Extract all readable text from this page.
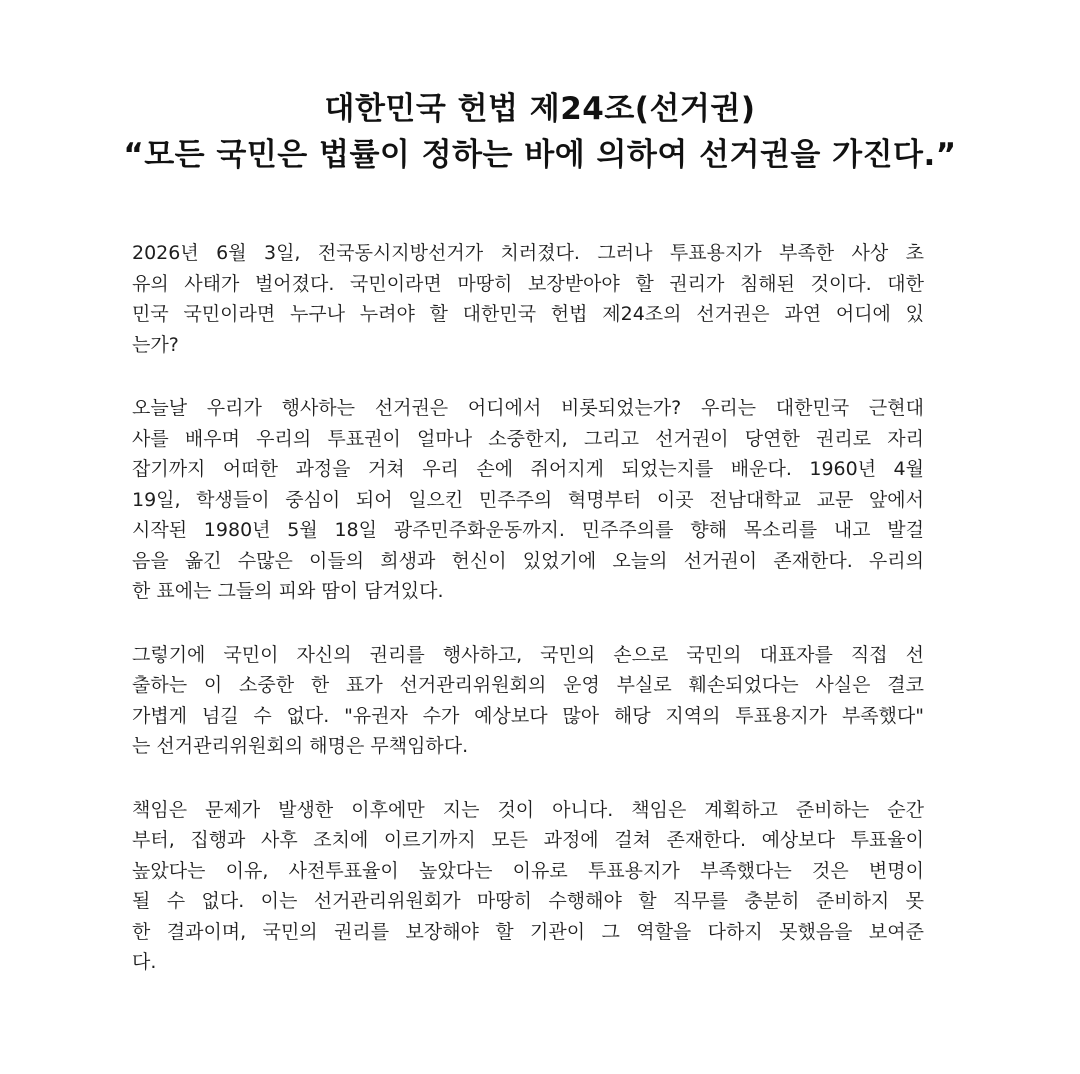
대한민국 헌법 제24조(선거권)
“모든 국민은 법률이 정하는 바에 의하여 선거권을 가진다.”
2026년 6월 3일, 전국동시지방선거가 치러졌다. 그러나 투표용지가 부족한 사상 초
유의 사태가 벌어졌다. 국민이라면 마땅히 보장받아야 할 권리가 침해된 것이다. 대한
민국 국민이라면 누구나 누려야 할 대한민국 헌법 제24조의 선거권은 과연 어디에 있
는가?
오늘날 우리가 행사하는 선거권은 어디에서 비롯되었는가? 우리는 대한민국 근현대
사를 배우며 우리의 투표권이 얼마나 소중한지, 그리고 선거권이 당연한 권리로 자리
잡기까지 어떠한 과정을 거쳐 우리 손에 쥐어지게 되었는지를 배운다. 1960년 4월
19일, 학생들이 중심이 되어 일으킨 민주주의 혁명부터 이곳 전남대학교 교문 앞에서
시작된 1980년 5월 18일 광주민주화운동까지. 민주주의를 향해 목소리를 내고 발걸
음을 옮긴 수많은 이들의 희생과 헌신이 있었기에 오늘의 선거권이 존재한다. 우리의
한 표에는 그들의 피와 땀이 담겨있다.
그렇기에 국민이 자신의 권리를 행사하고, 국민의 손으로 국민의 대표자를 직접 선
출하는 이 소중한 한 표가 선거관리위원회의 운영 부실로 훼손되었다는 사실은 결코
가볍게 넘길 수 없다. "유권자 수가 예상보다 많아 해당 지역의 투표용지가 부족했다"
는 선거관리위원회의 해명은 무책임하다.
책임은 문제가 발생한 이후에만 지는 것이 아니다. 책임은 계획하고 준비하는 순간
부터, 집행과 사후 조치에 이르기까지 모든 과정에 걸쳐 존재한다. 예상보다 투표율이
높았다는 이유, 사전투표율이 높았다는 이유로 투표용지가 부족했다는 것은 변명이
될 수 없다. 이는 선거관리위원회가 마땅히 수행해야 할 직무를 충분히 준비하지 못
한 결과이며, 국민의 권리를 보장해야 할 기관이 그 역할을 다하지 못했음을 보여준
다.
